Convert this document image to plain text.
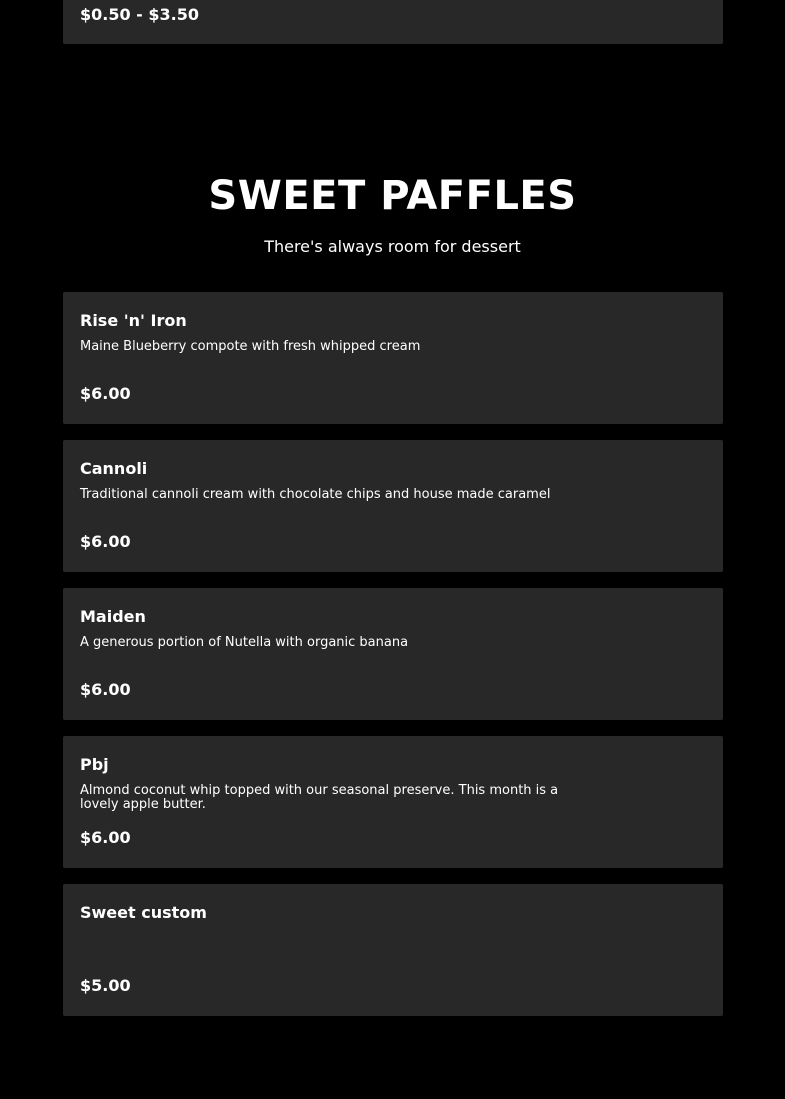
$0.50 - $3.50
SWEET PAFFLES

There's always room for dessert

Rise 'n' Iron
Maine Blueberry compote with fresh whipped cream
$6.00
Cannoli
Traditional cannoli cream with chocolate chips and house made caramel
$6.00
Maiden
A generous portion of Nutella with organic banana
$6.00
Pbj
Almond coconut whip topped with our seasonal preserve. This month is a lovely apple butter.
$6.00
Sweet custom
$5.00
